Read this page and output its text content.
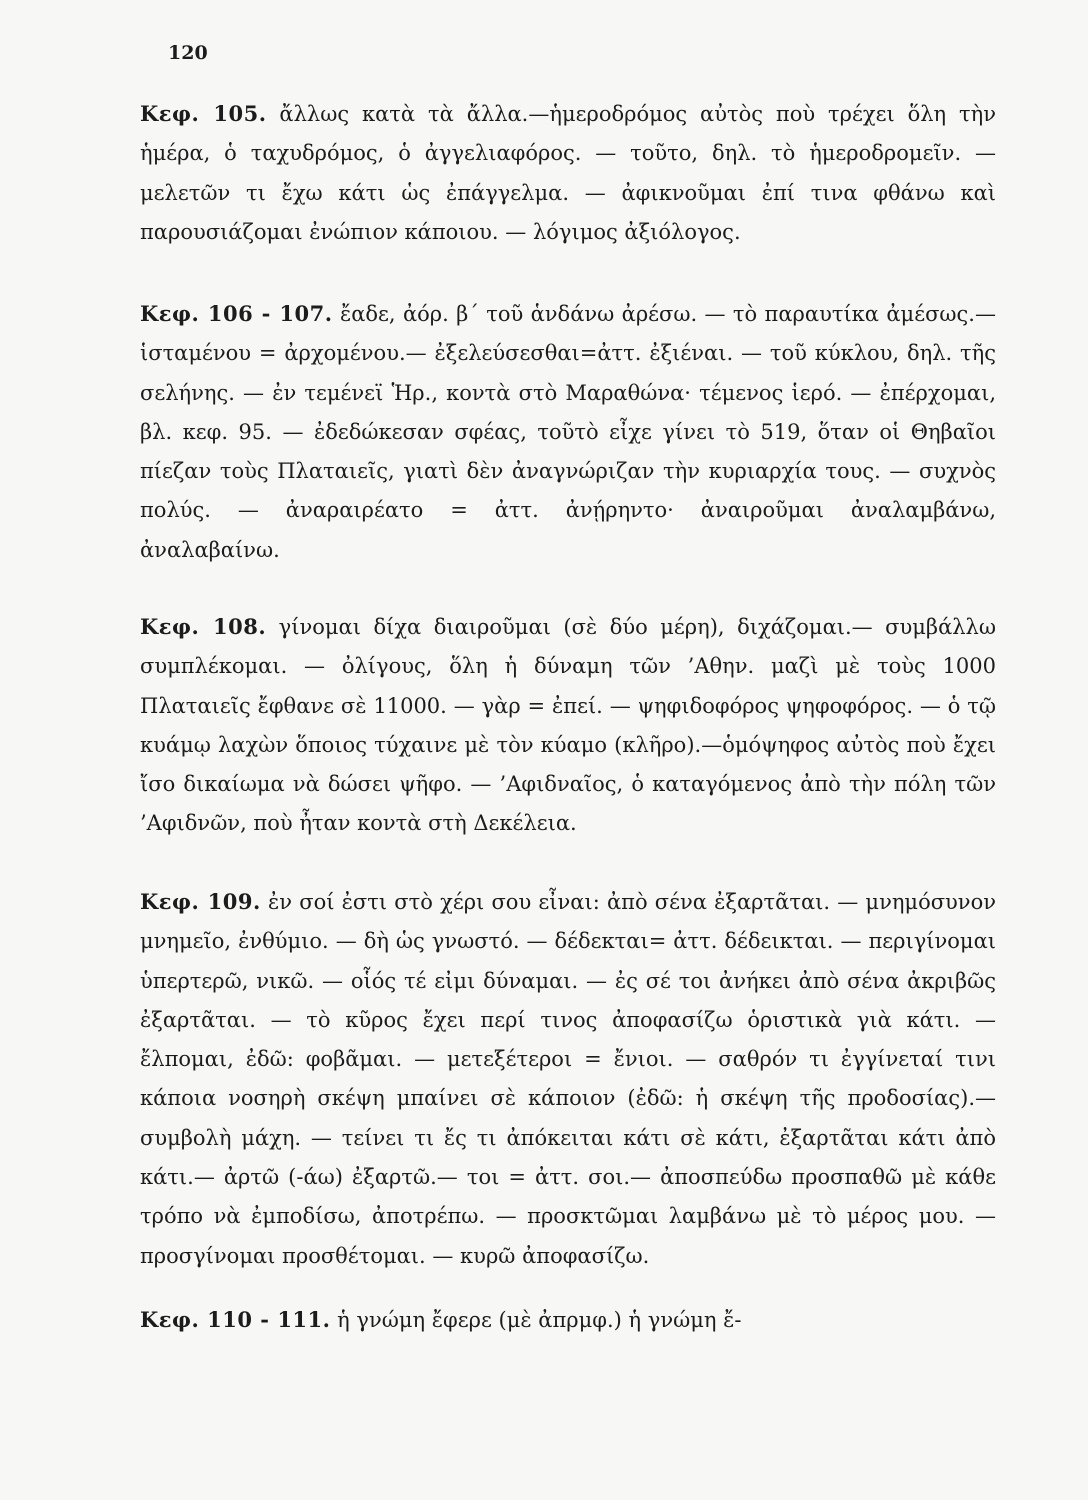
120

Κεφ. 105. ἄλλως κατὰ τὰ ἄλλα.—ἡμεροδρόμος αὐτὸς ποὺ τρέχει ὅλη τὴν ἡμέρα, ὁ ταχυδρόμος, ὁ ἀγγελιαφόρος. — τοῦτο, δηλ. τὸ ἡμεροδρομεῖν. — μελετῶν τι ἔχω κάτι ὡς ἐπάγγελμα. — ἀφικνοῦμαι ἐπί τινα φθάνω καὶ παρουσιάζομαι ἐνώπιον κάποιου. — λόγιμος ἀξιόλογος.

Κεφ. 106 - 107. ἔαδε, ἀόρ. β΄ τοῦ ἁνδάνω ἀρέσω. — τὸ παραυτίκα ἀμέσως.— ἱσταμένου = ἀρχομένου.— ἐξελεύσεσθαι=ἀττ. ἐξιέναι. — τοῦ κύκλου, δηλ. τῆς σελήνης. — ἐν τεμένεϊ Ἡρ., κοντὰ στὸ Μαραθώνα· τέμενος ἱερό. — ἐπέρχομαι, βλ. κεφ. 95. — ἐδεδώκεσαν σφέας, τοῦτὸ εἶχε γίνει τὸ 519, ὅταν οἱ Θηβαῖοι πίεζαν τοὺς Πλαταιεῖς, γιατὶ δὲν ἀναγνώριζαν τὴν κυριαρχία τους. — συχνὸς πολύς. — ἀναραιρέατο = ἀττ. ἀνῄρηντο· ἀναιροῦμαι ἀναλαμβάνω, ἀναλαβαίνω.

Κεφ. 108. γίνομαι δίχα διαιροῦμαι (σὲ δύο μέρη), διχάζομαι.— συμβάλλω συμπλέκομαι. — ὀλίγους, ὅλη ἡ δύναμη τῶν ’Αθην. μαζὶ μὲ τοὺς 1000 Πλαταιεῖς ἔφθανε σὲ 11000. — γὰρ = ἐπεί. — ψηφιδοφόρος ψηφοφόρος. — ὁ τῷ κυάμῳ λαχὼν ὅποιος τύχαινε μὲ τὸν κύαμο (κλῆρο).—ὁμόψηφος αὐτὸς ποὺ ἔχει ἴσο δικαίωμα νὰ δώσει ψῆφο. — ’Αφιδναῖος, ὁ καταγόμενος ἀπὸ τὴν πόλη τῶν ’Αφιδνῶν, ποὺ ἦταν κοντὰ στὴ Δεκέλεια.

Κεφ. 109. ἐν σοί ἐστι στὸ χέρι σου εἶναι: ἀπὸ σένα ἐξαρτᾶται. — μνημόσυνον μνημεῖο, ἐνθύμιο. — δὴ ὡς γνωστό. — δέδεκται= ἀττ. δέδεικται. — περιγίνομαι ὑπερτερῶ, νικῶ. — οἷός τέ εἰμι δύναμαι. — ἐς σέ τοι ἀνήκει ἀπὸ σένα ἀκριβῶς ἐξαρτᾶται. — τὸ κῦρος ἔχει περί τινος ἀποφασίζω ὁριστικὰ γιὰ κάτι. — ἔλπομαι, ἐδῶ: φοβᾶμαι. — μετεξέτεροι = ἔνιοι. — σαθρόν τι ἐγγίνεταί τινι κάποια νοσηρὴ σκέψη μπαίνει σὲ κάποιον (ἐδῶ: ἡ σκέψη τῆς προδοσίας).—συμβολὴ μάχη. — τείνει τι ἔς τι ἀπόκειται κάτι σὲ κάτι, ἐξαρτᾶται κάτι ἀπὸ κάτι.— ἀρτῶ (-άω) ἐξαρτῶ.— τοι = ἀττ. σοι.— ἀποσπεύδω προσπαθῶ μὲ κάθε τρόπο νὰ ἐμποδίσω, ἀποτρέπω. — προσκτῶμαι λαμβάνω μὲ τὸ μέρος μου. — προσγίνομαι προσθέτομαι. — κυρῶ ἀποφασίζω.

Κεφ. 110 - 111. ἡ γνώμη ἔφερε (μὲ ἀπρμφ.) ἡ γνώμη ἔ-
